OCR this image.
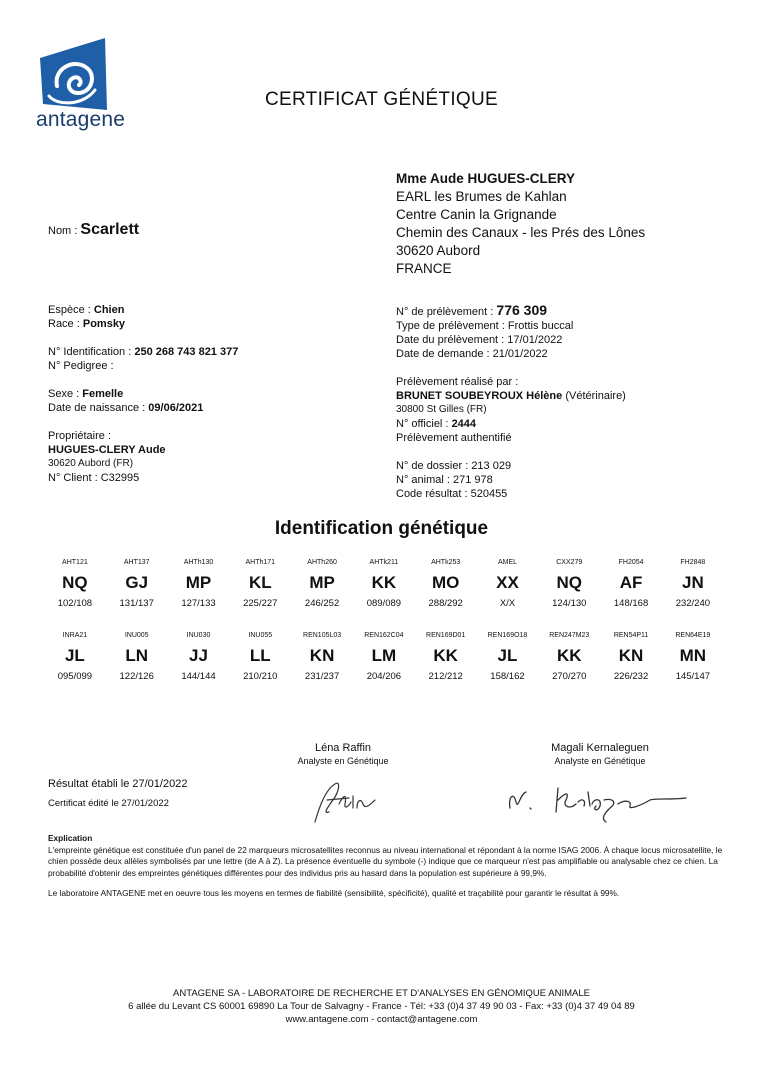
antagene
CERTIFICAT GÉNÉTIQUE
Mme Aude HUGUES-CLERY
EARL les Brumes de Kahlan
Centre Canin la Grignande
Chemin des Canaux - les Prés des Lônes
30620 Aubord
FRANCE
Nom : Scarlett
Espèce : Chien
Race : Pomsky
N° Identification : 250 268 743 821 377
N° Pedigree :
Sexe : Femelle
Date de naissance : 09/06/2021
Propriétaire :
HUGUES-CLERY Aude
30620 Aubord (FR)
N° Client : C32995
N° de prélèvement : 776 309
Type de prélèvement : Frottis buccal
Date du prélèvement : 17/01/2022
Date de demande : 21/01/2022
Prélèvement réalisé par :
BRUNET SOUBEYROUX Hélène (Vétérinaire)
30800 St Gilles (FR)
N° officiel : 2444
Prélèvement authentifié
N° de dossier : 213 029
N° animal : 271 978
Code résultat : 520455
Identification génétique
AHT121
NQ
102/108
AHT137
GJ
131/137
AHTh130
MP
127/133
AHTh171
KL
225/227
AHTh260
MP
246/252
AHTk211
KK
089/089
AHTk253
MO
288/292
AMEL
XX
X/X
CXX279
NQ
124/130
FH2054
AF
148/168
FH2848
JN
232/240
INRA21
JL
095/099
INU005
LN
122/126
INU030
JJ
144/144
INU055
LL
210/210
REN105L03
KN
231/237
REN162C04
LM
204/206
REN169D01
KK
212/212
REN169O18
JL
158/162
REN247M23
KK
270/270
REN54P11
KN
226/232
REN64E19
MN
145/147
Léna Raffin
Analyste en Génétique
Magali Kernaleguen
Analyste en Génétique
Résultat établi le 27/01/2022
Certificat édité le 27/01/2022
Explication
L'empreinte génétique est constituée d'un panel de 22 marqueurs microsatellites reconnus au niveau international et répondant à la norme ISAG 2006. À chaque locus microsatellite, le chien possède deux allèles symbolisés par une lettre (de A à Z). La présence éventuelle du symbole (-) indique que ce marqueur n'est pas amplifiable ou analysable chez ce chien. La probabilité d'obtenir des empreintes génétiques différentes pour des individus pris au hasard dans la population est supérieure à 99,9%.
Le laboratoire ANTAGENE met en oeuvre tous les moyens en termes de fiabilité (sensibilité, spécificité), qualité et traçabilité pour garantir le résultat à 99%.
ANTAGENE SA - LABORATOIRE DE RECHERCHE ET D'ANALYSES EN GÉNOMIQUE ANIMALE
6 allée du Levant CS 60001 69890 La Tour de Salvagny - France - Tél: +33 (0)4 37 49 90 03 - Fax: +33 (0)4 37 49 04 89
www.antagene.com - contact@antagene.com
